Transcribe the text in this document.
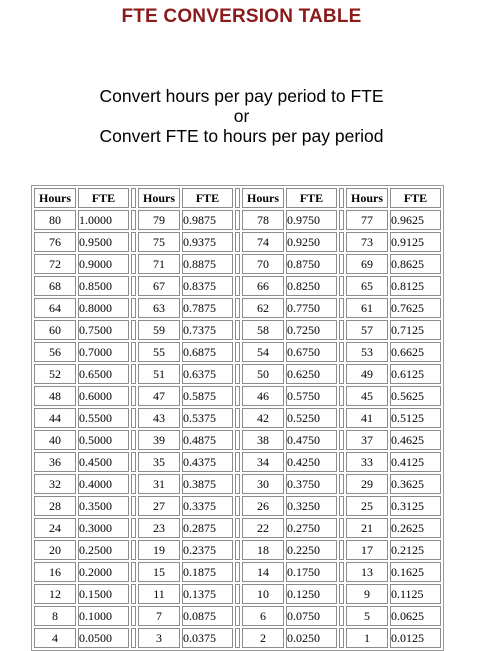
FTE CONVERSION TABLE
Convert hours per pay period to FTE
or
Convert FTE to hours per pay period
Hours	FTE		Hours	FTE		Hours	FTE		Hours	FTE
80	1.0000		79	0.9875		78	0.9750		77	0.9625
76	0.9500		75	0.9375		74	0.9250		73	0.9125
72	0.9000		71	0.8875		70	0.8750		69	0.8625
68	0.8500		67	0.8375		66	0.8250		65	0.8125
64	0.8000		63	0.7875		62	0.7750		61	0.7625
60	0.7500		59	0.7375		58	0.7250		57	0.7125
56	0.7000		55	0.6875		54	0.6750		53	0.6625
52	0.6500		51	0.6375		50	0.6250		49	0.6125
48	0.6000		47	0.5875		46	0.5750		45	0.5625
44	0.5500		43	0.5375		42	0.5250		41	0.5125
40	0.5000		39	0.4875		38	0.4750		37	0.4625
36	0.4500		35	0.4375		34	0.4250		33	0.4125
32	0.4000		31	0.3875		30	0.3750		29	0.3625
28	0.3500		27	0.3375		26	0.3250		25	0.3125
24	0.3000		23	0.2875		22	0.2750		21	0.2625
20	0.2500		19	0.2375		18	0.2250		17	0.2125
16	0.2000		15	0.1875		14	0.1750		13	0.1625
12	0.1500		11	0.1375		10	0.1250		9	0.1125
8	0.1000		7	0.0875		6	0.0750		5	0.0625
4	0.0500		3	0.0375		2	0.0250		1	0.0125
